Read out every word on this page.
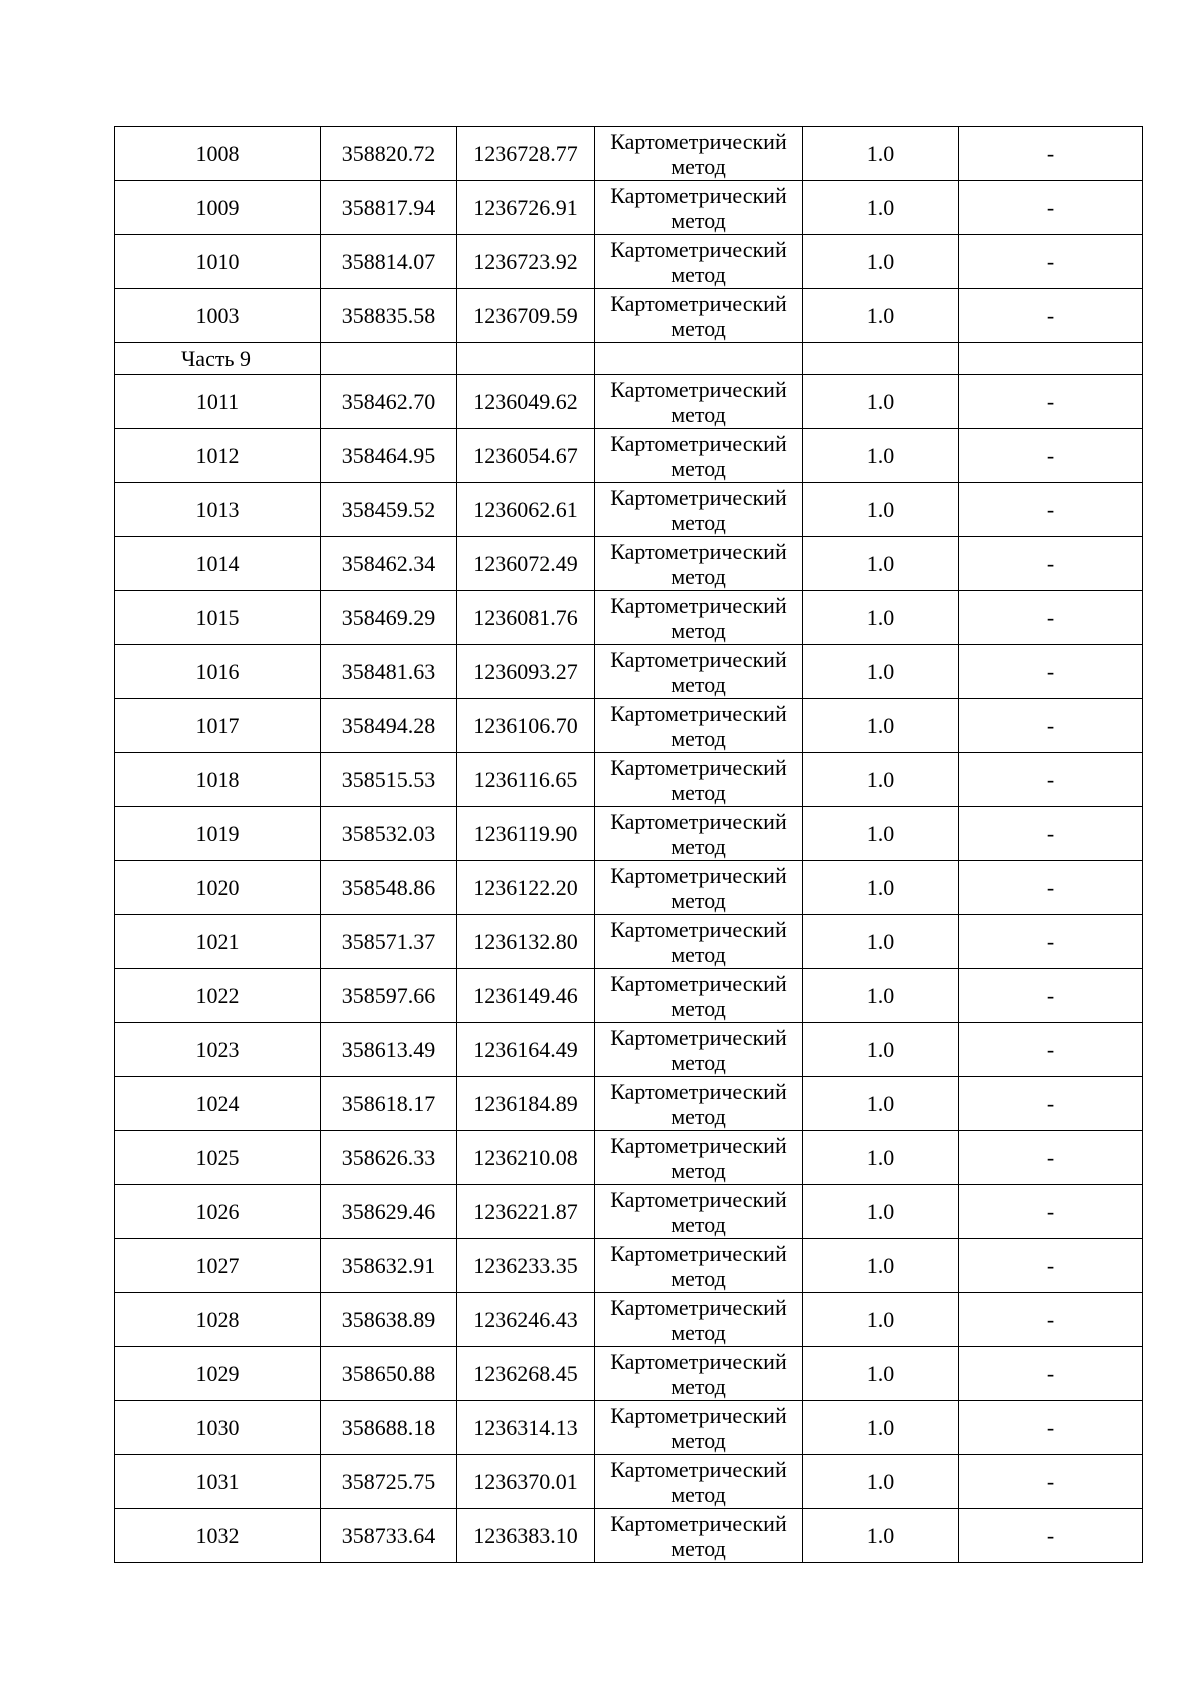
1008	358820.72	1236728.77	Картометрический метод	1.0	-
1009	358817.94	1236726.91	Картометрический метод	1.0	-
1010	358814.07	1236723.92	Картометрический метод	1.0	-
1003	358835.58	1236709.59	Картометрический метод	1.0	-
Часть 9					
1011	358462.70	1236049.62	Картометрический метод	1.0	-
1012	358464.95	1236054.67	Картометрический метод	1.0	-
1013	358459.52	1236062.61	Картометрический метод	1.0	-
1014	358462.34	1236072.49	Картометрический метод	1.0	-
1015	358469.29	1236081.76	Картометрический метод	1.0	-
1016	358481.63	1236093.27	Картометрический метод	1.0	-
1017	358494.28	1236106.70	Картометрический метод	1.0	-
1018	358515.53	1236116.65	Картометрический метод	1.0	-
1019	358532.03	1236119.90	Картометрический метод	1.0	-
1020	358548.86	1236122.20	Картометрический метод	1.0	-
1021	358571.37	1236132.80	Картометрический метод	1.0	-
1022	358597.66	1236149.46	Картометрический метод	1.0	-
1023	358613.49	1236164.49	Картометрический метод	1.0	-
1024	358618.17	1236184.89	Картометрический метод	1.0	-
1025	358626.33	1236210.08	Картометрический метод	1.0	-
1026	358629.46	1236221.87	Картометрический метод	1.0	-
1027	358632.91	1236233.35	Картометрический метод	1.0	-
1028	358638.89	1236246.43	Картометрический метод	1.0	-
1029	358650.88	1236268.45	Картометрический метод	1.0	-
1030	358688.18	1236314.13	Картометрический метод	1.0	-
1031	358725.75	1236370.01	Картометрический метод	1.0	-
1032	358733.64	1236383.10	Картометрический метод	1.0	-
